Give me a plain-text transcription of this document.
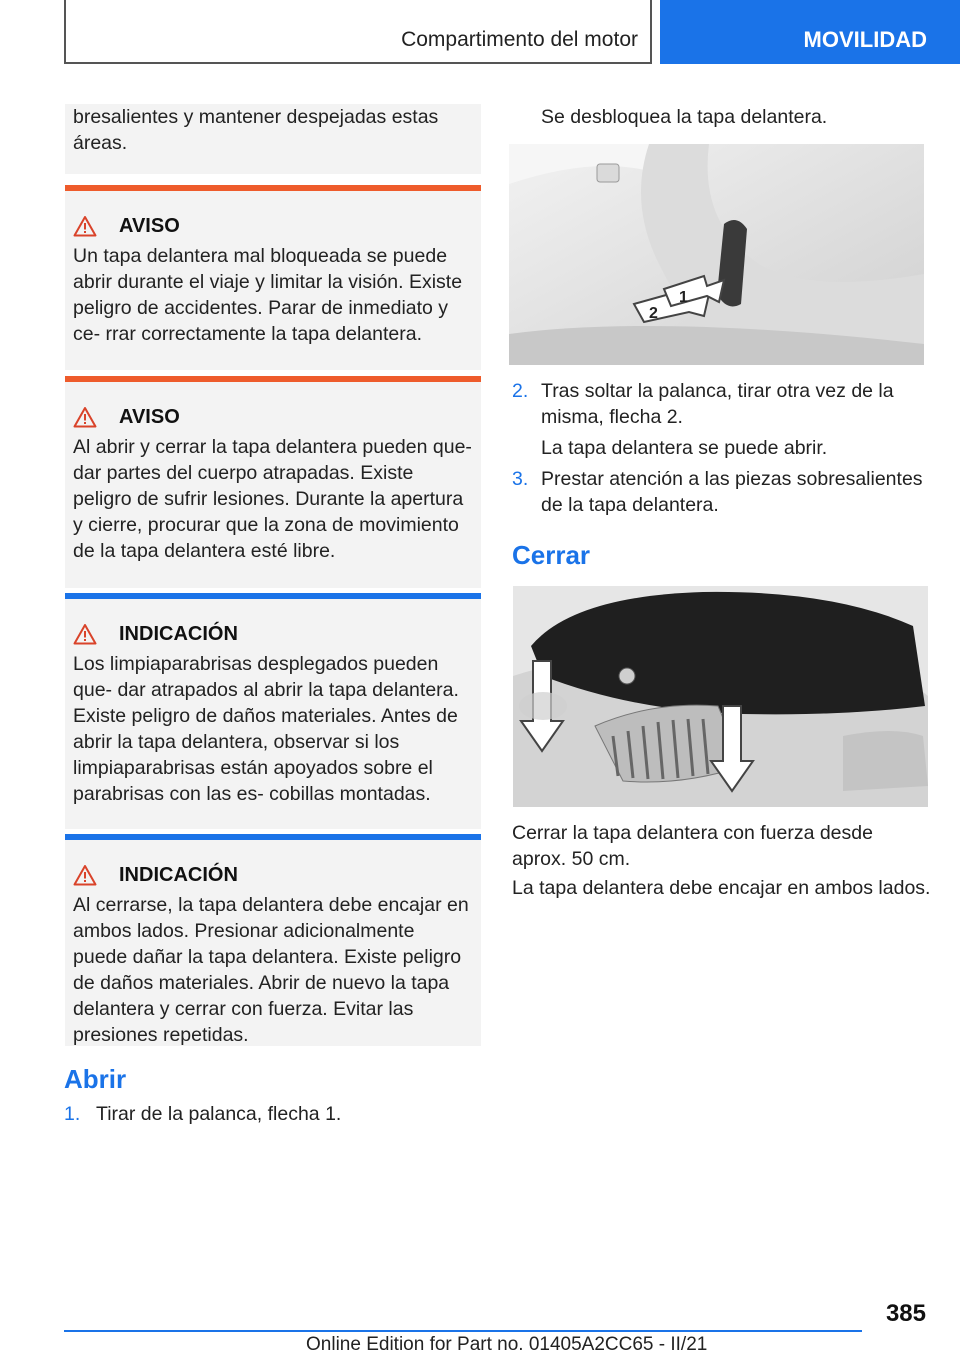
Compartimento del motor	MOVILIDAD
bresalientes y mantener despejadas estas áreas.
AVISO
Un tapa delantera mal bloqueada se puede abrir durante el viaje y limitar la visión. Existe peligro de accidentes. Parar de inmediato y ce- rrar correctamente la tapa delantera.
AVISO
Al abrir y cerrar la tapa delantera pueden que- dar partes del cuerpo atrapadas. Existe peligro de sufrir lesiones. Durante la apertura y cierre, procurar que la zona de movimiento de la tapa delantera esté libre.
INDICACIÓN
Los limpiaparabrisas desplegados pueden que- dar atrapados al abrir la tapa delantera. Existe peligro de daños materiales. Antes de abrir la tapa delantera, observar si los limpiaparabrisas están apoyados sobre el parabrisas con las es- cobillas montadas.
INDICACIÓN
Al cerrarse, la tapa delantera debe encajar en ambos lados. Presionar adicionalmente puede dañar la tapa delantera. Existe peligro de daños materiales. Abrir de nuevo la tapa delantera y cerrar con fuerza. Evitar las presiones repetidas.
Abrir
1. Tirar de la palanca, flecha 1.
Se desbloquea la tapa delantera.
2
1
2. Tras soltar la palanca, tirar otra vez de la misma, flecha 2.
La tapa delantera se puede abrir.
3. Prestar atención a las piezas sobresalientes de la tapa delantera.
Cerrar
Cerrar la tapa delantera con fuerza desde aprox. 50 cm.
La tapa delantera debe encajar en ambos lados.
385
Online Edition for Part no. 01405A2CC65 - II/21
